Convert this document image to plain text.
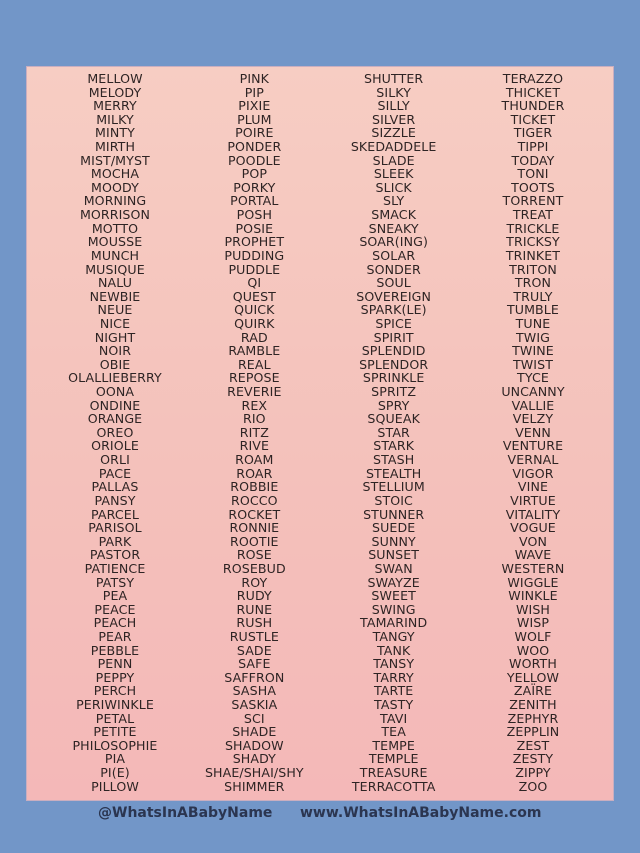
MELLOW
MELODY
MERRY
MILKY
MINTY
MIRTH
MIST/MYST
MOCHA
MOODY
MORNING
MORRISON
MOTTO
MOUSSE
MUNCH
MUSIQUE
NALU
NEWBIE
NEUE
NICE
NIGHT
NOIR
OBIE
OLALLIEBERRY
OONA
ONDINE
ORANGE
OREO
ORIOLE
ORLI
PACE
PALLAS
PANSY
PARCEL
PARISOL
PARK
PASTOR
PATIENCE
PATSY
PEA
PEACE
PEACH
PEAR
PEBBLE
PENN
PEPPY
PERCH
PERIWINKLE
PETAL
PETITE
PHILOSOPHIE
PIA
PI(E)
PILLOW
PINK
PIP
PIXIE
PLUM
POIRE
PONDER
POODLE
POP
PORKY
PORTAL
POSH
POSIE
PROPHET
PUDDING
PUDDLE
QI
QUEST
QUICK
QUIRK
RAD
RAMBLE
REAL
REPOSE
REVERIE
REX
RIO
RITZ
RIVE
ROAM
ROAR
ROBBIE
ROCCO
ROCKET
RONNIE
ROOTIE
ROSE
ROSEBUD
ROY
RUDY
RUNE
RUSH
RUSTLE
SADE
SAFE
SAFFRON
SASHA
SASKIA
SCI
SHADE
SHADOW
SHADY
SHAE/SHAI/SHY
SHIMMER
SHUTTER
SILKY
SILLY
SILVER
SIZZLE
SKEDADDELE
SLADE
SLEEK
SLICK
SLY
SMACK
SNEAKY
SOAR(ING)
SOLAR
SONDER
SOUL
SOVEREIGN
SPARK(LE)
SPICE
SPIRIT
SPLENDID
SPLENDOR
SPRINKLE
SPRITZ
SPRY
SQUEAK
STAR
STARK
STASH
STEALTH
STELLIUM
STOIC
STUNNER
SUEDE
SUNNY
SUNSET
SWAN
SWAYZE
SWEET
SWING
TAMARIND
TANGY
TANK
TANSY
TARRY
TARTE
TASTY
TAVI
TEA
TEMPE
TEMPLE
TREASURE
TERRACOTTA
TERAZZO
THICKET
THUNDER
TICKET
TIGER
TIPPI
TODAY
TONI
TOOTS
TORRENT
TREAT
TRICKLE
TRICKSY
TRINKET
TRITON
TRON
TRULY
TUMBLE
TUNE
TWIG
TWINE
TWIST
TYCE
UNCANNY
VALLIE
VELZY
VENN
VENTURE
VERNAL
VIGOR
VINE
VIRTUE
VITALITY
VOGUE
VON
WAVE
WESTERN
WIGGLE
WINKLE
WISH
WISP
WOLF
WOO
WORTH
YELLOW
ZAÏRE
ZENITH
ZEPHYR
ZEPPLIN
ZEST
ZESTY
ZIPPY
ZOO
@WhatsInABabyName www.WhatsInABabyName.com
